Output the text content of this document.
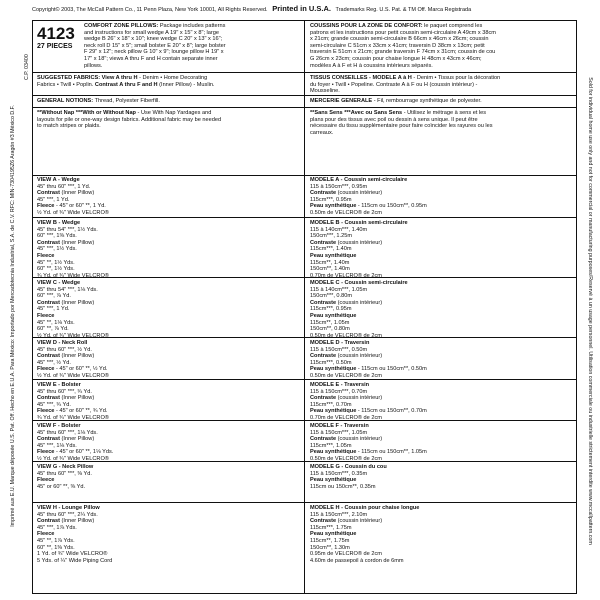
Copyright© 2003, The McCall Pattern Co., 11 Penn Plaza, New York 10001, All Rights Reserved. Printed in U.S.A. Trademarks Reg. U.S. Pat. & TM Off. Marca Registrada
Imprimé aux E.U. Marque déposée U.S. Pat. Off. Hecho en E.U.A. Para México: Importado por Mercadotecnia Industrial, S.A. de C.V. RFC: MIN-7304195Z6 Aragón #3 México D.F.	Sold for individual home use only and not for commercial or manufacturing purposes/Reservé à un usage personnel. Utilisation commerciale ou industrielle strictement interdite www.mccallpattern.com
C.P. 03400
4123
27 PIECES
COMFORT ZONE PILLOWS: Package includes patterns
and instructions for small wedge A 19" x 15" x 8"; large
wedge B 26" x 18" x 10"; knee wedge C 20" x 13" x 16";
neck roll D 15" x 5"; small bolster E 20" x 8"; large bolster
F 29" x 12"; neck pillow G 10" x 9"; lounge pillow H 19" x
17" x 18"; views A thru F and H contain separate inner
pillows.
COUSSINS POUR LA ZONE DE CONFORT: le paquet comprend les
patrons et les instructions pour petit coussin semi-circulaire A 49cm x 38cm
x 21cm; grande coussin semi-circulaire B 66cm x 46cm x 26cm; coussin
semi-circulaire C 51cm x 33cm x 41cm; traversin D 38cm x 13cm; petit
traversin E 51cm x 21cm; grande traversin F 74cm x 31cm; coussin de cou
G 26cm x 23cm; coussin pour chaise longue H 48cm x 43cm x 46cm;
modèles A à F et H à coussins intérieurs séparés.
SUGGESTED FABRICS: View A thru H - Denim • Home Decorating
Fabrics • Twill • Poplin. Contrast A thru F and H (Inner Pillow) - Muslin.
TISSUS CONSEILLES - MODELE A à H - Denim • Tissus pour la décoration
du foyer • Twill • Popeline. Contraste A à F ou H (coussin intérieur) -
Mousseline.
GENERAL NOTIONS: Thread, Polyester Fiberfill.	MERCERIE GENERALE - Fil, rembourrage synthétique de polyester.
**Without Nap ***With or Without Nap - Use With Nap Yardages and
layouts for pile or one-way design fabrics. Additional fabric may be needed
to match stripes or plaids.
**Sans Sens ***Avec ou Sans Sens - Utilisez le métrage à sens et les
plans pour des tissus avec poil ou dessin à sens unique. Il peut être
nécessaire du tissu supplémentaire pour faire coïncider les rayures ou les
carreaux.
VIEW A - Wedge
45" thru 60" ***, 1 Yd.
Contrast (Inner Pillow)
45" ***, 1 Yd.
Fleece - 45" or 60" **, 1 Yd.
½ Yd. of ¾" Wide VELCRO®
MODELE A - Coussin semi-circulaire
115 à 150cm***, 0.95m
Contraste (coussin intérieur)
115cm***, 0.95m
Peau synthétique - 115cm ou 150cm**, 0.95m
0.50m de VELCRO® de 2cm
VIEW B - Wedge
45" thru 54" ***, 1½ Yds.
60" ***, 1⅜ Yds.
Contrast (Inner Pillow)
45" ***, 1½ Yds.
Fleece
45" **, 1½ Yds.
60" **, 1½ Yds.
¾ Yd. of ¾" Wide VELCRO®
MODELE B - Coussin semi-circulaire
115 à 140cm***, 1.40m
150cm***, 1.25m
Contraste (coussin intérieur)
115cm***, 1.40m
Peau synthétique
115cm**, 1.40m
150cm**, 1.40m
0.70m de VELCRO® de 2cm
VIEW C - Wedge
45" thru 54" ***, 1⅛ Yds.
60" ***, ⅞ Yd.
Contrast (Inner Pillow)
45" ***, 1 Yd.
Fleece
45" **, 1⅛ Yds.
60" **, ⅞ Yd.
½ Yd. of ¾" Wide VELCRO®
MODELE C - Coussin semi-circulaire
115 à 140cm***, 1.05m
150cm***, 0.80m
Contraste (coussin intérieur)
115cm***, 0.95m
Peau synthétique
115cm**, 1.05m
150cm**, 0.80m
0.50m de VELCRO® de 2cm
VIEW D - Neck Roll
45" thru 60" ***, ½ Yd.
Contrast (Inner Pillow)
45" ***, ½ Yd.
Fleece - 45" or 60" **, ½ Yd.
½ Yd. of ¾" Wide VELCRO®
MODELE D - Traversin
115 à 150cm***, 0.50m
Contraste (coussin intérieur)
115cm***, 0.50m
Peau synthétique - 115cm ou 150cm**, 0.50m
0.50m de VELCRO® de 2cm
VIEW E - Bolster
45" thru 60" ***, ¾ Yd.
Contrast (Inner Pillow)
45" ***, ¾ Yd.
Fleece - 45" or 60" **, ¾ Yd.
¾ Yd. of ¾" Wide VELCRO®
MODELE E - Traversin
115 à 150cm***, 0.70m
Contraste (coussin intérieur)
115cm***, 0.70m
Peau synthétique - 115cm ou 150cm**, 0.70m
0.70m de VELCRO® de 2cm
VIEW F - Bolster
45" thru 60" ***, 1⅛ Yds.
Contrast (Inner Pillow)
45" ***, 1⅛ Yds.
Fleece - 45" or 60" **, 1⅛ Yds.
½ Yd. of ¾" Wide VELCRO®
MODELE F - Traversin
115 à 150cm***, 1.05m
Contraste (coussin intérieur)
115cm***, 1.05m
Peau synthétique - 115cm ou 150cm**, 1.05m
0.50m de VELCRO® de 2cm
VIEW G - Neck Pillow
45" thru 60" ***, ⅜ Yd.
Fleece
45" or 60" **, ⅜ Yd.
MODELE G - Coussin du cou
115 à 150cm***, 0.35m
Peau synthétique
115cm ou 150cm**, 0.35m
VIEW H - Lounge Pillow
45" thru 60" ***, 2¼ Yds.
Contrast (Inner Pillow)
45" ***, 1⅞ Yds.
Fleece
45" **, 1⅞ Yds.
60" **, 1⅜ Yds.
1 Yd. of ¾" Wide VELCRO®
5 Yds. of ¼" Wide Piping Cord
MODELE H - Coussin pour chaise longue
115 à 150cm***, 2.10m
Contraste (coussin intérieur)
115cm***, 1.75m
Peau synthétique
115cm**, 1.75m
150cm**, 1.30m
0.95m de VELCRO® de 2cm
4.60m de passepoil à cordon de 6mm
